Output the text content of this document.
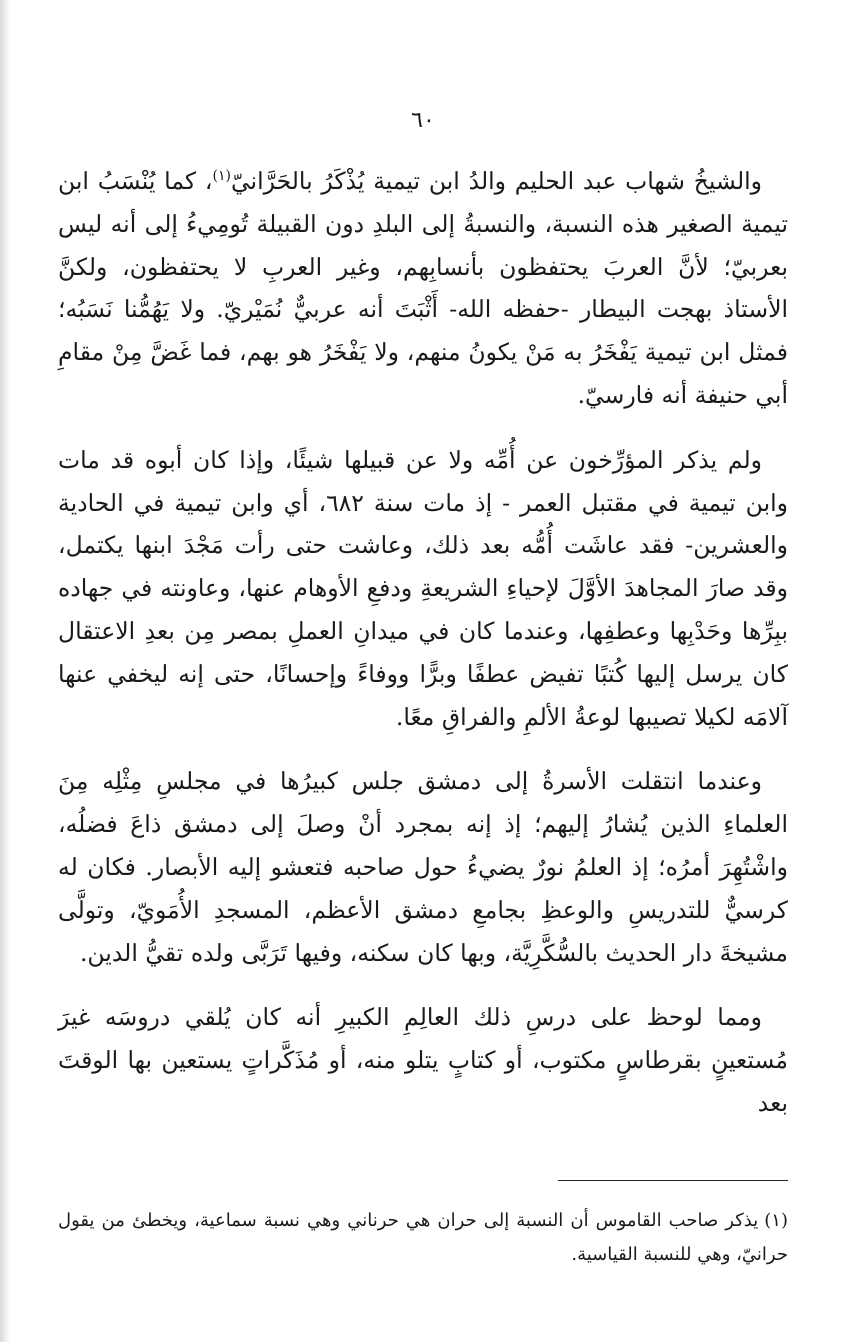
٦٠

والشيخُ شهاب عبد الحليم والدُ ابن تيمية يُذْكَرُ بالحَرَّانيّ$^{(١)}$، كما يُنْسَبُ ابن تيمية الصغير هذه النسبة، والنسبةُ إلى البلدِ دون القبيلة تُومِيءُ إلى أنه ليس بعربيّ؛ لأنَّ العربَ يحتفظون بأنسابِهم، وغير العربِ لا يحتفظون، ولكنَّ الأستاذ بهجت البيطار -حفظه الله- أَثْبَتَ أنه عربيٌّ نُمَيْريّ. ولا يَهُمُّنا نَسَبُه؛ فمثل ابن تيمية يَفْخَرُ به مَنْ يكونُ منهم، ولا يَفْخَرُ هو بهم، فما غَضَّ مِنْ مقامِ أبي حنيفة أنه فارسيّ.

ولم يذكر المؤرِّخون عن أُمِّه ولا عن قبيلها شيئًا، وإذا كان أبوه قد مات وابن تيمية في مقتبل العمر - إذ مات سنة ٦٨٢، أي وابن تيمية في الحادية والعشرين- فقد عاشَت أُمُّه بعد ذلك، وعاشت حتى رأت مَجْدَ ابنها يكتمل، وقد صارَ المجاهدَ الأوَّلَ لإحياءِ الشريعةِ ودفعِ الأوهام عنها، وعاونته في جهاده ببِرِّها وحَدْبِها وعطفِها، وعندما كان في ميدانِ العملِ بمصر مِن بعدِ الاعتقال كان يرسل إليها كُتبًا تفيض عطفًا وبرًّا ووفاءً وإحسانًا، حتى إنه ليخفي عنها آلامَه لكيلا تصيبها لوعةُ الألمِ والفراقِ معًا.

وعندما انتقلت الأسرةُ إلى دمشق جلس كبيرُها في مجلسِ مِثْلِه مِنَ العلماءِ الذين يُشارُ إليهم؛ إذ إنه بمجرد أنْ وصلَ إلى دمشق ذاعَ فضلُه، واشْتُهِرَ أمرُه؛ إذ العلمُ نورٌ يضيءُ حول صاحبه فتعشو إليه الأبصار. فكان له كرسيٌّ للتدريسِ والوعظِ بجامعِ دمشق الأعظم، المسجدِ الأُمَويّ، وتولَّى مشيخةَ دار الحديث بالسُّكَّرِيَّة، وبها كان سكنه، وفيها تَرَبَّى ولده تقيُّ الدين.

ومما لوحظ على درسِ ذلك العالِمِ الكبيرِ أنه كان يُلقي دروسَه غيرَ مُستعينٍ بقرطاسٍ مكتوب، أو كتابٍ يتلو منه، أو مُذَكَّراتٍ يستعين بها الوقتَ بعد

(١)يذكر صاحب القاموس أن النسبة إلى حران هي حرناني وهي نسبة سماعية، ويخطئ من يقول حرانيّ، وهي للنسبة القياسية.
